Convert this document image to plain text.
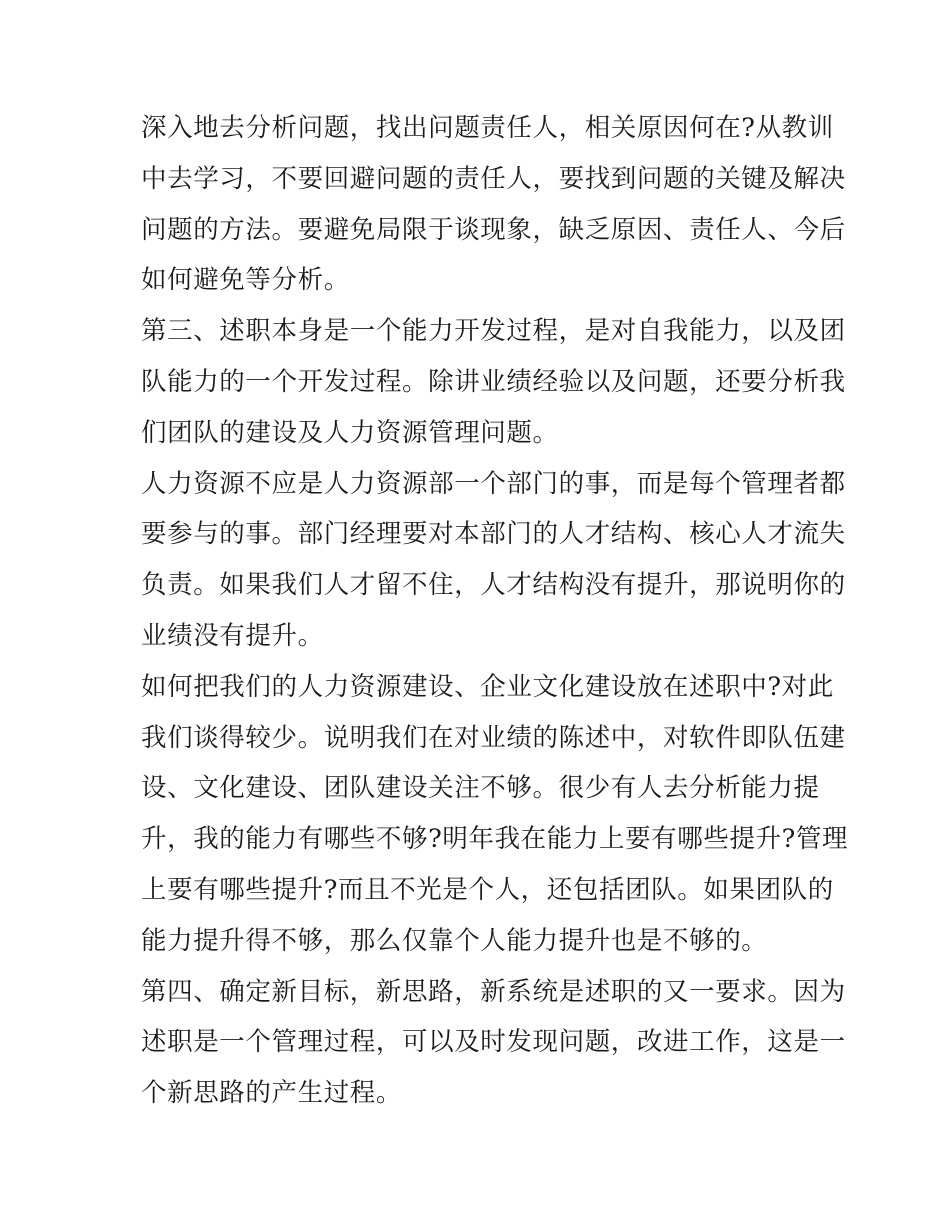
深入地去分析问题，找出问题责任人，相关原因何在?从教训
中去学习，不要回避问题的责任人，要找到问题的关键及解决
问题的方法。要避免局限于谈现象，缺乏原因、责任人、今后
如何避免等分析。
第三、述职本身是一个能力开发过程，是对自我能力，以及团
队能力的一个开发过程。除讲业绩经验以及问题，还要分析我
们团队的建设及人力资源管理问题。
人力资源不应是人力资源部一个部门的事，而是每个管理者都
要参与的事。部门经理要对本部门的人才结构、核心人才流失
负责。如果我们人才留不住，人才结构没有提升，那说明你的
业绩没有提升。
如何把我们的人力资源建设、企业文化建设放在述职中?对此
我们谈得较少。说明我们在对业绩的陈述中，对软件即队伍建
设、文化建设、团队建设关注不够。很少有人去分析能力提
升，我的能力有哪些不够?明年我在能力上要有哪些提升?管理
上要有哪些提升?而且不光是个人，还包括团队。如果团队的
能力提升得不够，那么仅靠个人能力提升也是不够的。
第四、确定新目标，新思路，新系统是述职的又一要求。因为
述职是一个管理过程，可以及时发现问题，改进工作，这是一
个新思路的产生过程。
